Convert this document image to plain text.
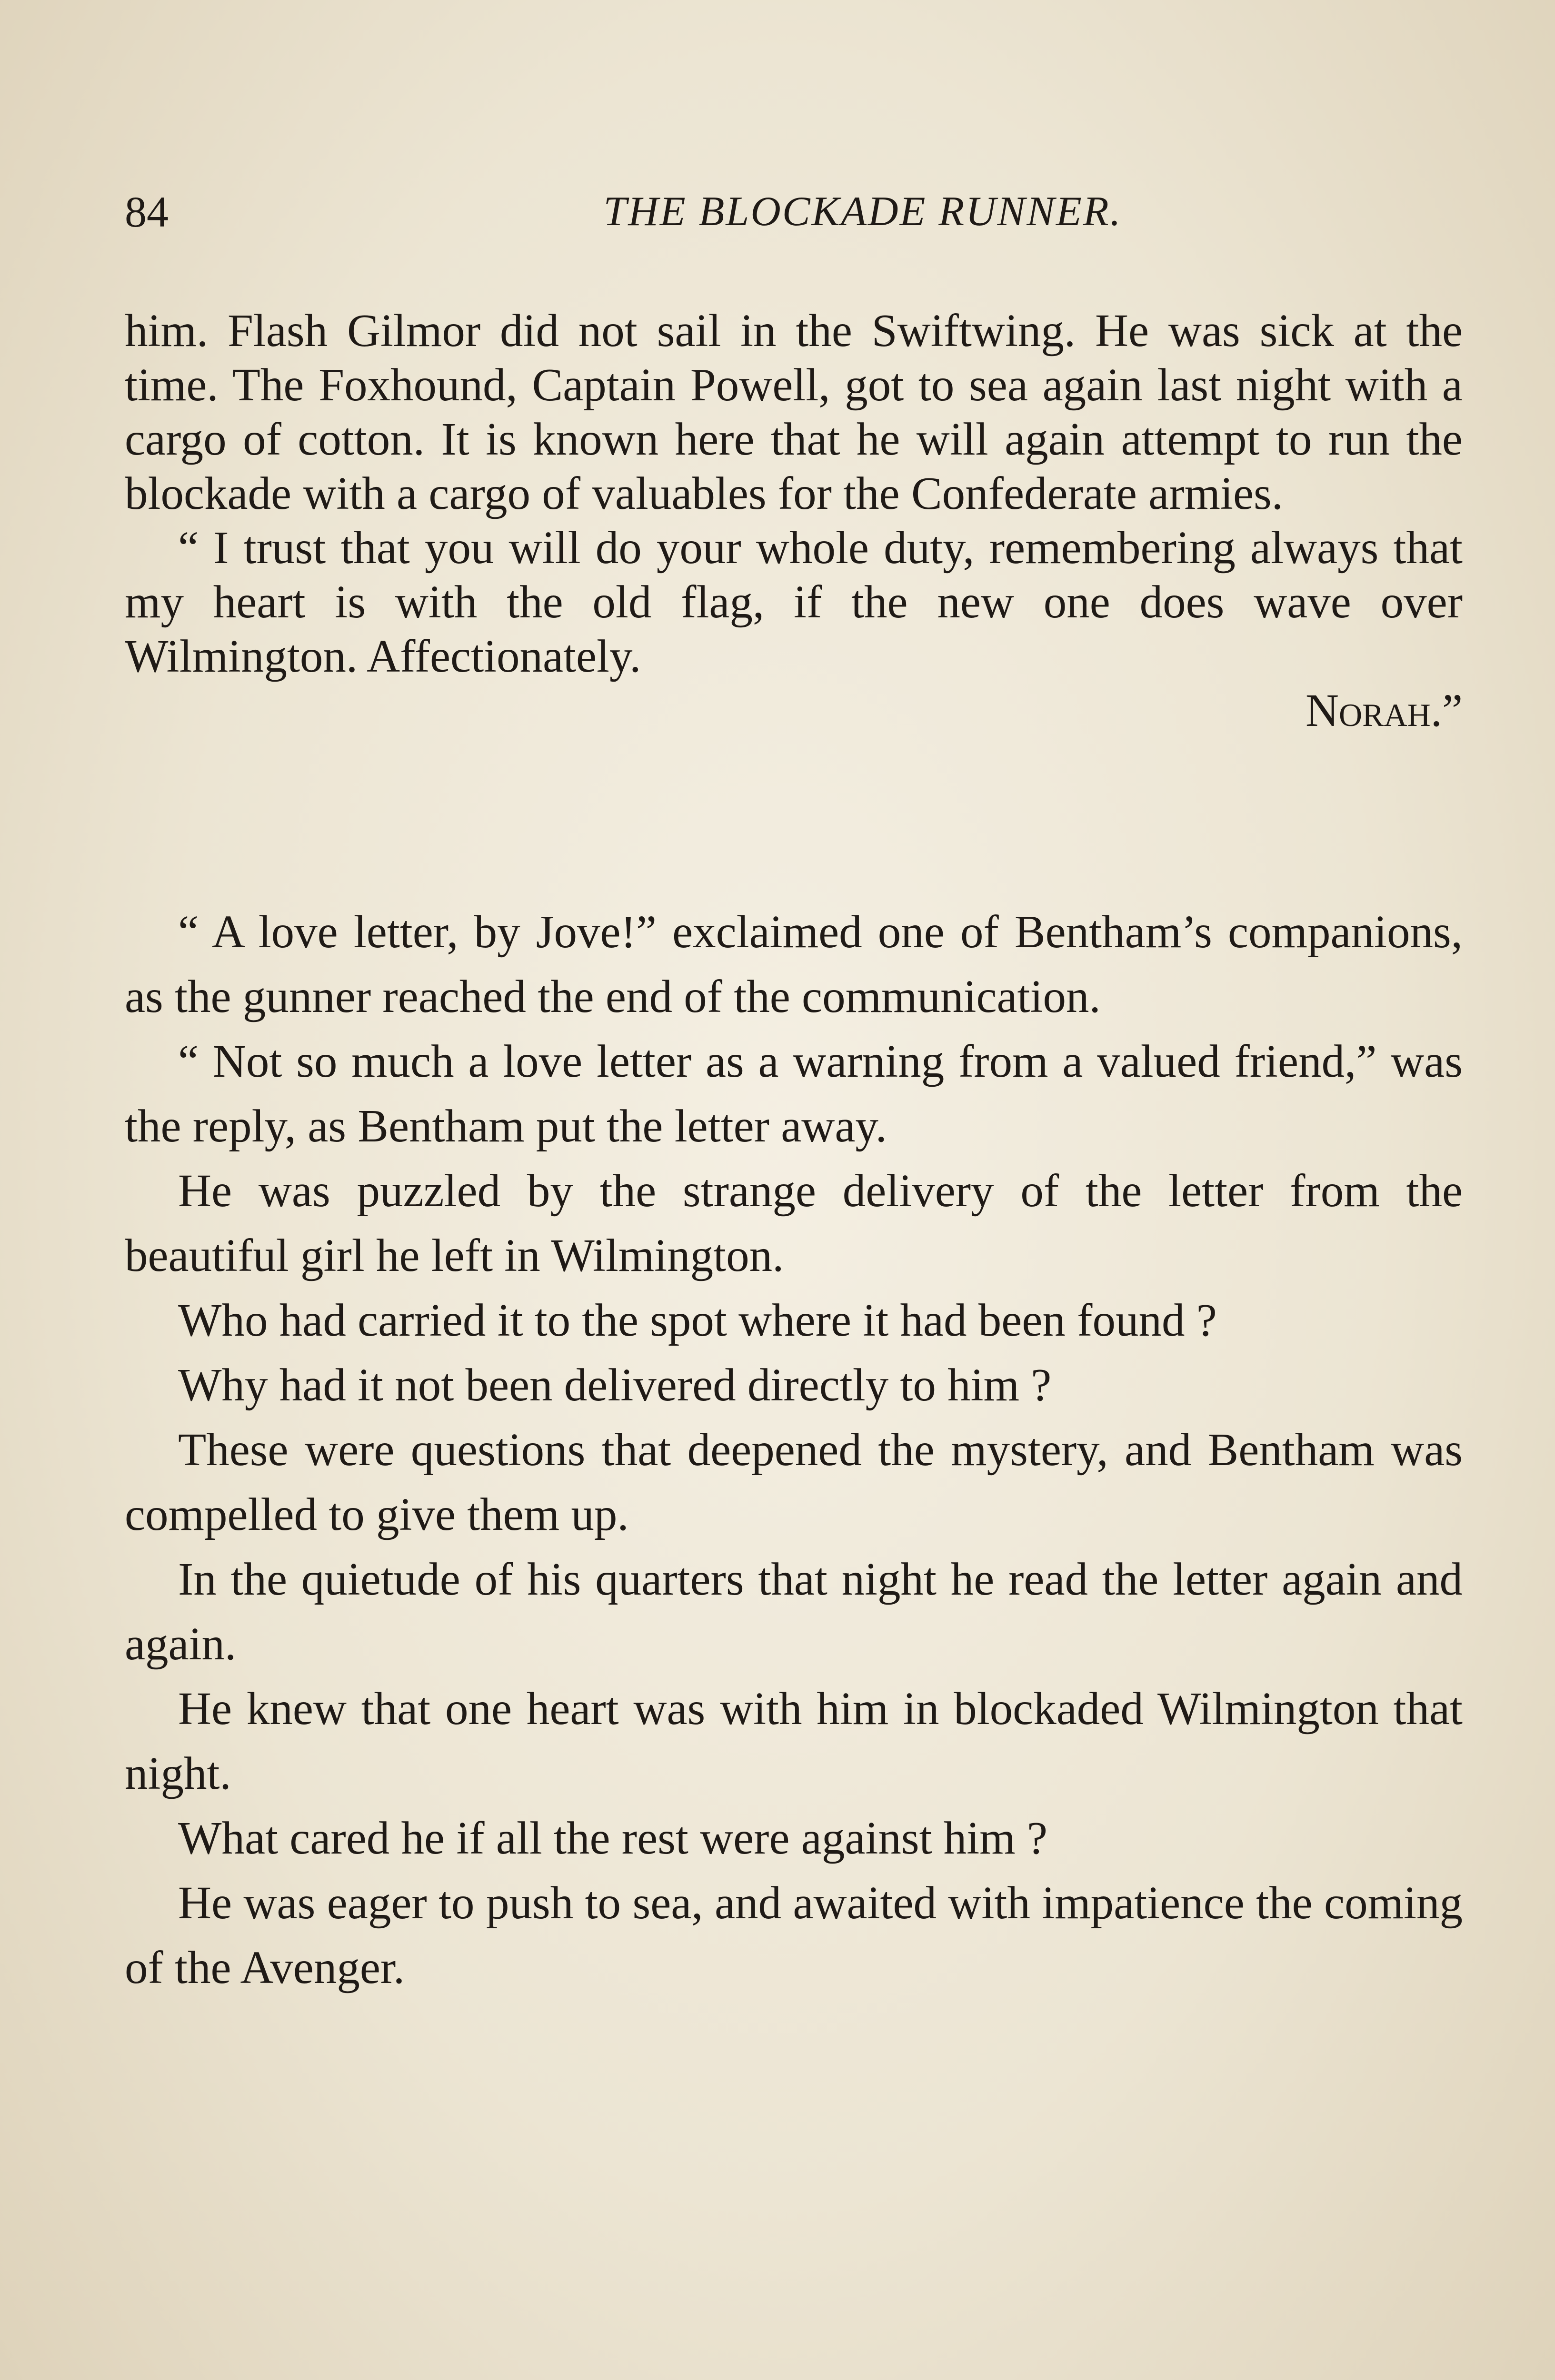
84	THE BLOCKADE RUNNER.

him. Flash Gilmor did not sail in the Swiftwing. He was sick at the time. The Foxhound, Captain Powell, got to sea again last night with a cargo of cotton. It is known here that he will again attempt to run the blockade with a cargo of valuables for the Confederate armies.

“ I trust that you will do your whole duty, remembering always that my heart is with the old flag, if the new one does wave over Wilmington. Affectionately.

Norah.”

“ A love letter, by Jove!” exclaimed one of Bentham’s companions, as the gunner reached the end of the communication.

“ Not so much a love letter as a warning from a valued friend,” was the reply, as Bentham put the letter away.

He was puzzled by the strange delivery of the letter from the beautiful girl he left in Wilmington.

Who had carried it to the spot where it had been found ?

Why had it not been delivered directly to him ?

These were questions that deepened the mystery, and Bentham was compelled to give them up.

In the quietude of his quarters that night he read the letter again and again.

He knew that one heart was with him in blockaded Wilmington that night.

What cared he if all the rest were against him ?

He was eager to push to sea, and awaited with impatience the coming of the Avenger.
